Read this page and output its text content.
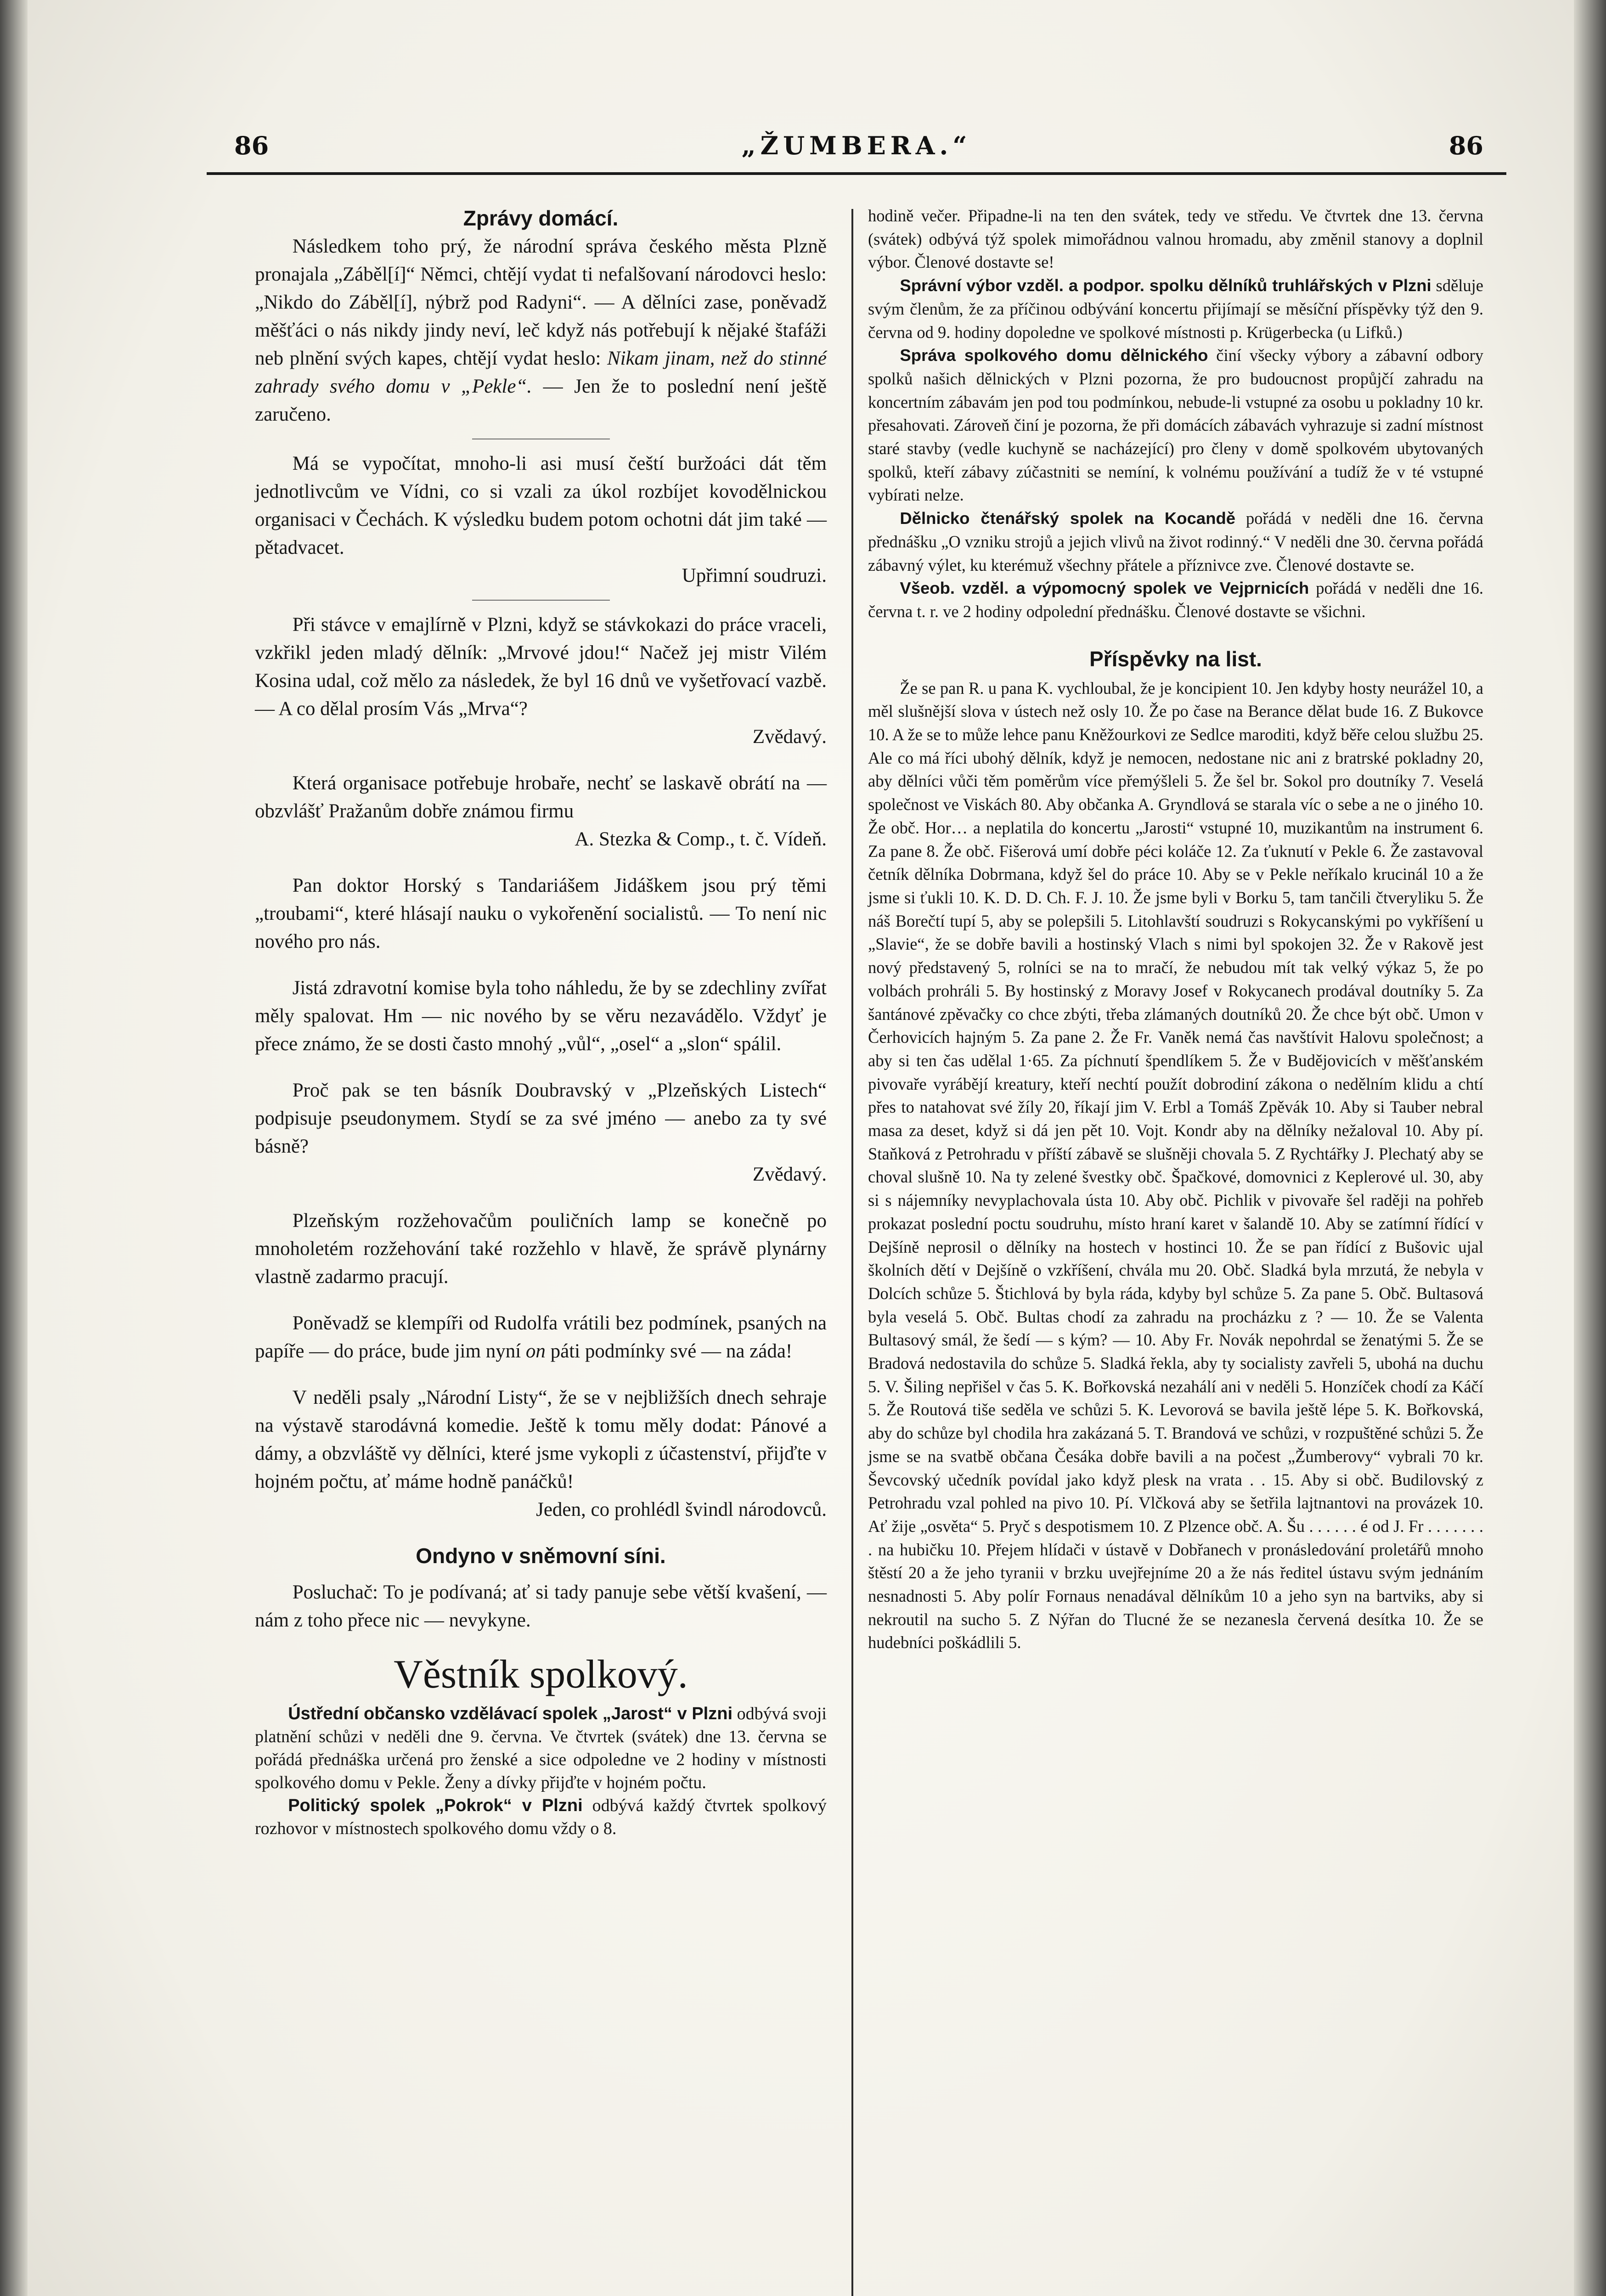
86	„ŽUMBERA.“	86
Zprávy domácí.

Následkem toho prý, že národní správa českého města Plzně pronajala „Záběl[í]“ Němci, chtějí vydat ti nefalšovaní národovci heslo: „Nikdo do Záběl[í], nýbrž pod Radyni“. — A dělníci zase, poněvadž měšťáci o nás nikdy jindy neví, leč když nás potřebují k nějaké štafáži neb plnění svých kapes, chtějí vydat heslo: Nikam jinam, než do stinné zahrady svého domu v „Pekle“. — Jen že to poslední není ještě zaručeno.

Má se vypočítat, mnoho-li asi musí čeští buržoáci dát těm jednotlivcům ve Vídni, co si vzali za úkol rozbíjet kovodělnickou organisaci v Čechách. K výsledku budem potom ochotni dát jim také — pětadvacet.

Upřimní soudruzi.

Při stávce v emajlírně v Plzni, když se stávkokazi do práce vraceli, vzkřikl jeden mladý dělník: „Mrvové jdou!“ Načež jej mistr Vilém Kosina udal, což mělo za následek, že byl 16 dnů ve vyšetřovací vazbě. — A co dělal prosím Vás „Mrva“?

Zvědavý.

Která organisace potřebuje hrobaře, nechť se laskavě obrátí na — obzvlášť Pražanům dobře známou firmu

A. Stezka & Comp., t. č. Vídeň.

Pan doktor Horský s Tandariášem Jidáškem jsou prý těmi „troubami“, které hlásají nauku o vykořenění socialistů. — To není nic nového pro nás.

Jistá zdravotní komise byla toho náhledu, že by se zdechliny zvířat měly spalovat. Hm — nic nového by se věru nezavádělo. Vždyť je přece známo, že se dosti často mnohý „vůl“, „osel“ a „slon“ spálil.

Proč pak se ten básník Doubravský v „Plzeňských Listech“ podpisuje pseudonymem. Stydí se za své jméno — anebo za ty své básně?

Zvědavý.

Plzeňským rozžehovačům pouličních lamp se konečně po mnoholetém rozžehování také rozžehlo v hlavě, že správě plynárny vlastně zadarmo pracují.

Poněvadž se klempíři od Rudolfa vrátili bez podmínek, psaných na papíře — do práce, bude jim nyní on páti podmínky své — na záda!

V neděli psaly „Národní Listy“, že se v nejbližších dnech sehraje na výstavě starodávná komedie. Ještě k tomu měly dodat: Pánové a dámy, a obzvláště vy dělníci, které jsme vykopli z účastenství, přijďte v hojném počtu, ať máme hodně panáčků!

Jeden, co prohlédl švindl národovců.

Ondyno v sněmovní síni.

Posluchač: To je podívaná; ať si tady panuje sebe větší kvašení, — nám z toho přece nic — nevykyne.

Věstník spolkový.

Ústřední občansko vzdělávací spolek „Jarost“ v Plzni odbývá svoji platnění schůzi v neděli dne 9. června. Ve čtvrtek (svátek) dne 13. června se pořádá přednáška určená pro ženské a sice odpoledne ve 2 hodiny v místnosti spolkového domu v Pekle. Ženy a dívky přijďte v hojném počtu.

Politický spolek „Pokrok“ v Plzni odbývá každý čtvrtek spolkový rozhovor v místnostech spolkového domu vždy o 8.

hodině večer. Připadne-li na ten den svátek, tedy ve středu. Ve čtvrtek dne 13. června (svátek) odbývá týž spolek mimořádnou valnou hromadu, aby změnil stanovy a doplnil výbor. Členové dostavte se!

Správní výbor vzděl. a podpor. spolku dělníků truhlářských v Plzni sděluje svým členům, že za příčinou odbývání koncertu přijímají se měsíční příspěvky týž den 9. června od 9. hodiny dopoledne ve spolkové místnosti p. Krügerbecka (u Lifků.)

Správa spolkového domu dělnického činí všecky výbory a zábavní odbory spolků našich dělnických v Plzni pozorna, že pro budoucnost propůjčí zahradu na koncertním zábavám jen pod tou podmínkou, nebude-li vstupné za osobu u pokladny 10 kr. přesahovati. Zároveň činí je pozorna, že při domácích zábavách vyhrazuje si zadní místnost staré stavby (vedle kuchyně se nacházející) pro členy v domě spolkovém ubytovaných spolků, kteří zábavy zúčastniti se nemíní, k volnému používání a tudíž že v té vstupné vybírati nelze.

Dělnicko čtenářský spolek na Kocandě pořádá v neděli dne 16. června přednášku „O vzniku strojů a jejich vlivů na život rodinný.“ V neděli dne 30. června pořádá zábavný výlet, ku kterémuž všechny přátele a příznivce zve. Členové dostavte se.

Všeob. vzděl. a výpomocný spolek ve Vejprnicích pořádá v neděli dne 16. června t. r. ve 2 hodiny odpolední přednášku. Členové dostavte se všichni.

Příspěvky na list.

Že se pan R. u pana K. vychloubal, že je koncipient 10. Jen kdyby hosty neurážel 10, a měl slušnější slova v ústech než osly 10. Že po čase na Berance dělat bude 16. Z Bukovce 10. A že se to může lehce panu Kněžourkovi ze Sedlce maroditi, když běře celou službu 25. Ale co má říci ubohý dělník, když je nemocen, nedostane nic ani z bratrské pokladny 20, aby dělníci vůči těm poměrům více přemýšleli 5. Že šel br. Sokol pro doutníky 7. Veselá společnost ve Viskách 80. Aby občanka A. Gryndlová se starala víc o sebe a ne o jiného 10. Že obč. Hor… a neplatila do koncertu „Jarosti“ vstupné 10, muzikantům na instrument 6. Za pane 8. Že obč. Fišerová umí dobře péci koláče 12. Za ťuknutí v Pekle 6. Že zastavoval četník dělníka Dobrmana, když šel do práce 10. Aby se v Pekle neříkalo krucinál 10 a že jsme si ťukli 10. K. D. D. Ch. F. J. 10. Že jsme byli v Borku 5, tam tančili čtveryliku 5. Že náš Borečtí tupí 5, aby se polepšili 5. Litohlavští soudruzi s Rokycanskými po vykříšení u „Slavie“, že se dobře bavili a hostinský Vlach s nimi byl spokojen 32. Že v Rakově jest nový představený 5, rolníci se na to mračí, že nebudou mít tak velký výkaz 5, že po volbách prohráli 5. By hostinský z Moravy Josef v Rokycanech prodával doutníky 5. Za šantánové zpěvačky co chce zbýti, třeba zlámaných doutníků 20. Že chce být obč. Umon v Čerhovicích hajným 5. Za pane 2. Že Fr. Vaněk nemá čas navštívit Halovu společnost; a aby si ten čas udělal 1·65. Za píchnutí špendlíkem 5. Že v Budějovicích v měšťanském pivovaře vyrábějí kreatury, kteří nechtí použít dobrodiní zákona o nedělním klidu a chtí přes to natahovat své žíly 20, říkají jim V. Erbl a Tomáš Zpěvák 10. Aby si Tauber nebral masa za deset, když si dá jen pět 10. Vojt. Kondr aby na dělníky nežaloval 10. Aby pí. Staňková z Petrohradu v příští zábavě se slušněji chovala 5. Z Rychtářky J. Plechatý aby se choval slušně 10. Na ty zelené švestky obč. Špačkové, domovnici z Keplerové ul. 30, aby si s nájemníky nevyplachovala ústa 10. Aby obč. Pichlik v pivovaře šel raději na pohřeb prokazat poslední poctu soudruhu, místo hraní karet v šalandě 10. Aby se zatímní řídící v Dejšíně neprosil o dělníky na hostech v hostinci 10. Že se pan řídící z Bušovic ujal školních dětí v Dejšíně o vzkříšení, chvála mu 20. Obč. Sladká byla mrzutá, že nebyla v Dolcích schůze 5. Štichlová by byla ráda, kdyby byl schůze 5. Za pane 5. Obč. Bultasová byla veselá 5. Obč. Bultas chodí za zahradu na procházku z ? — 10. Že se Valenta Bultasový smál, že šedí — s kým? — 10. Aby Fr. Novák nepohrdal se ženatými 5. Že se Bradová nedostavila do schůze 5. Sladká řekla, aby ty socialisty zavřeli 5, ubohá na duchu 5. V. Šiling nepřišel v čas 5. K. Bořkovská nezahálí ani v neděli 5. Honzíček chodí za Káčí 5. Že Routová tiše seděla ve schůzi 5. K. Levorová se bavila ještě lépe 5. K. Bořkovská, aby do schůze byl chodila hra zakázaná 5. T. Brandová ve schůzi, v rozpuštěné schůzi 5. Že jsme se na svatbě občana Česáka dobře bavili a na počest „Žumberovy“ vybrali 70 kr. Ševcovský učedník povídal jako když plesk na vrata . . 15. Aby si obč. Budilovský z Petrohradu vzal pohled na pivo 10. Pí. Vlčková aby se šetřila lajtnantovi na provázek 10. Ať žije „osvěta“ 5. Pryč s despotismem 10. Z Plzence obč. A. Šu . . . . . . é od J. Fr . . . . . . . . na hubičku 10. Přejem hlídači v ústavě v Dobřanech v pronásledování proletářů mnoho štěstí 20 a že jeho tyranii v brzku uvejřejníme 20 a že nás ředitel ústavu svým jednáním nesnadnosti 5. Aby polír Fornaus nenadával dělníkům 10 a jeho syn na bartviks, aby si nekroutil na sucho 5. Z Nýřan do Tlucné že se nezanesla červená desítka 10. Že se hudebníci poškádlili 5.
